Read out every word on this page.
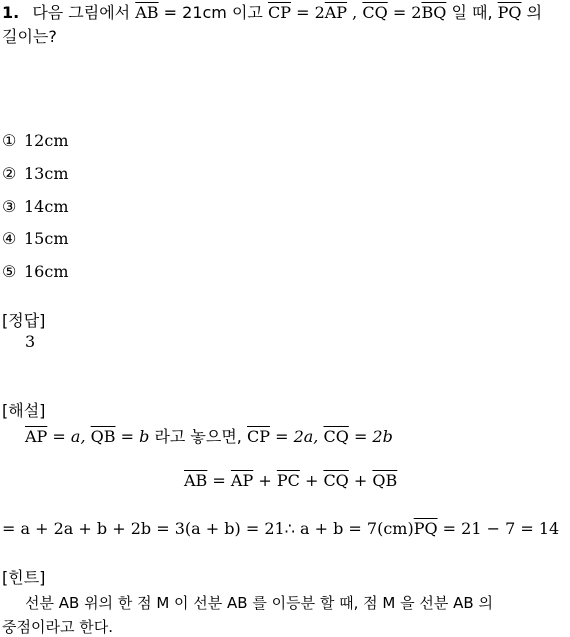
1. 다음 그림에서 $\overline{AB} = 21cm$ 이고 $\overline{CP} = 2\overline{AP}$ , $\overline{CQ} = 2\overline{BQ}$ 일 때, $\overline{PQ}$ 의
길이는?
① 12cm
② 13cm
③ 14cm
④ 15cm
⑤ 16cm
[정답]
3
[해설]
$\overline{AP} = a$, $\overline{QB} = b$ 라고 놓으면, $\overline{CP} = 2a$, $\overline{CQ} = 2b$
$\overline{AB} = \overline{AP} + \overline{PC} + \overline{CQ} + \overline{QB}$
= a + 2a + b + 2b = 3(a + b) = 21∴ $a + b = 7(cm)\overline{PQ} = 21 - 7 = 14$
[힌트]
선분 AB 위의 한 점 M 이 선분 AB 를 이등분 할 때, 점 M 을 선분 AB 의
중점이라고 한다.
